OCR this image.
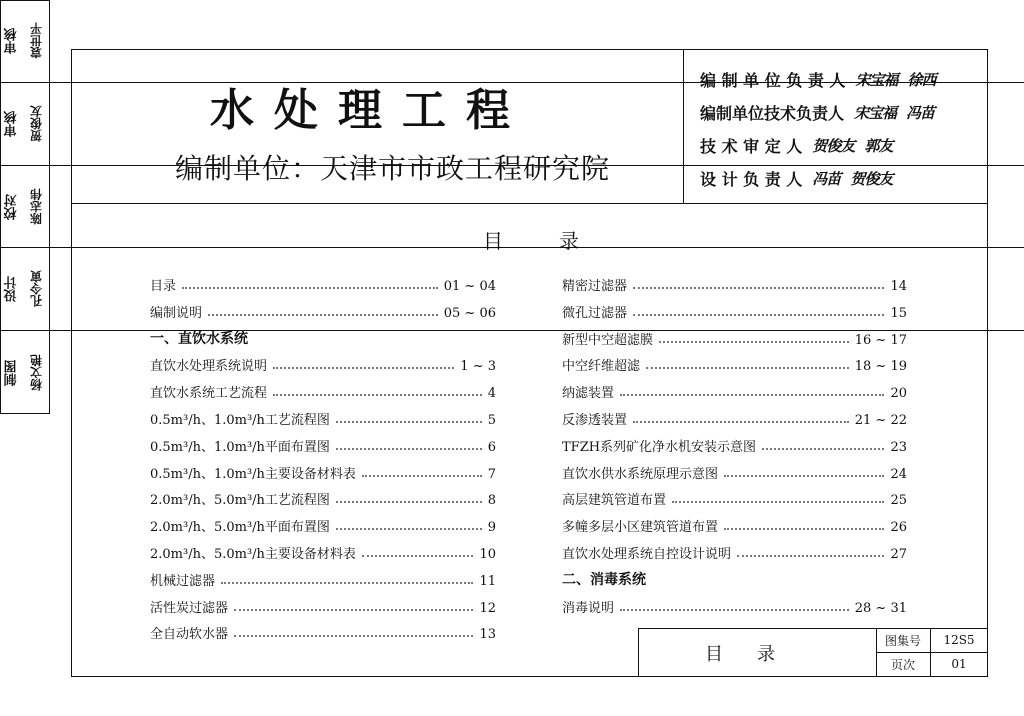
审核 袁世平
审核 贺俊友
校对 陈志伟
设计 孔令寅
制图 杨文艳
水处理工程
编制单位：天津市市政工程研究院
编 制 单 位 负 责 人 宋宝福 徐西
编制单位技术负责人 宋宝福 冯苗
技 术 审 定 人 贺俊友 郭友
设 计 负 责 人 冯苗 贺俊友
目录
目录	01 ~ 04
编制说明	05 ~ 06
一、直饮水系统
直饮水处理系统说明	1 ~ 3
直饮水系统工艺流程	4
0.5m³/h、1.0m³/h工艺流程图	5
0.5m³/h、1.0m³/h平面布置图	6
0.5m³/h、1.0m³/h主要设备材料表	7
2.0m³/h、5.0m³/h工艺流程图	8
2.0m³/h、5.0m³/h平面布置图	9
2.0m³/h、5.0m³/h主要设备材料表	10
机械过滤器	11
活性炭过滤器	12
全自动软水器	13
精密过滤器	14
微孔过滤器	15
新型中空超滤膜	16 ~ 17
中空纤维超滤	18 ~ 19
纳滤装置	20
反渗透装置	21 ~ 22
TFZH系列矿化净水机安装示意图	23
直饮水供水系统原理示意图	24
高层建筑管道布置	25
多幢多层小区建筑管道布置	26
直饮水处理系统自控设计说明	27
二、消毒系统
消毒说明	28 ~ 31
目录
图集号	12S5
页次	01
